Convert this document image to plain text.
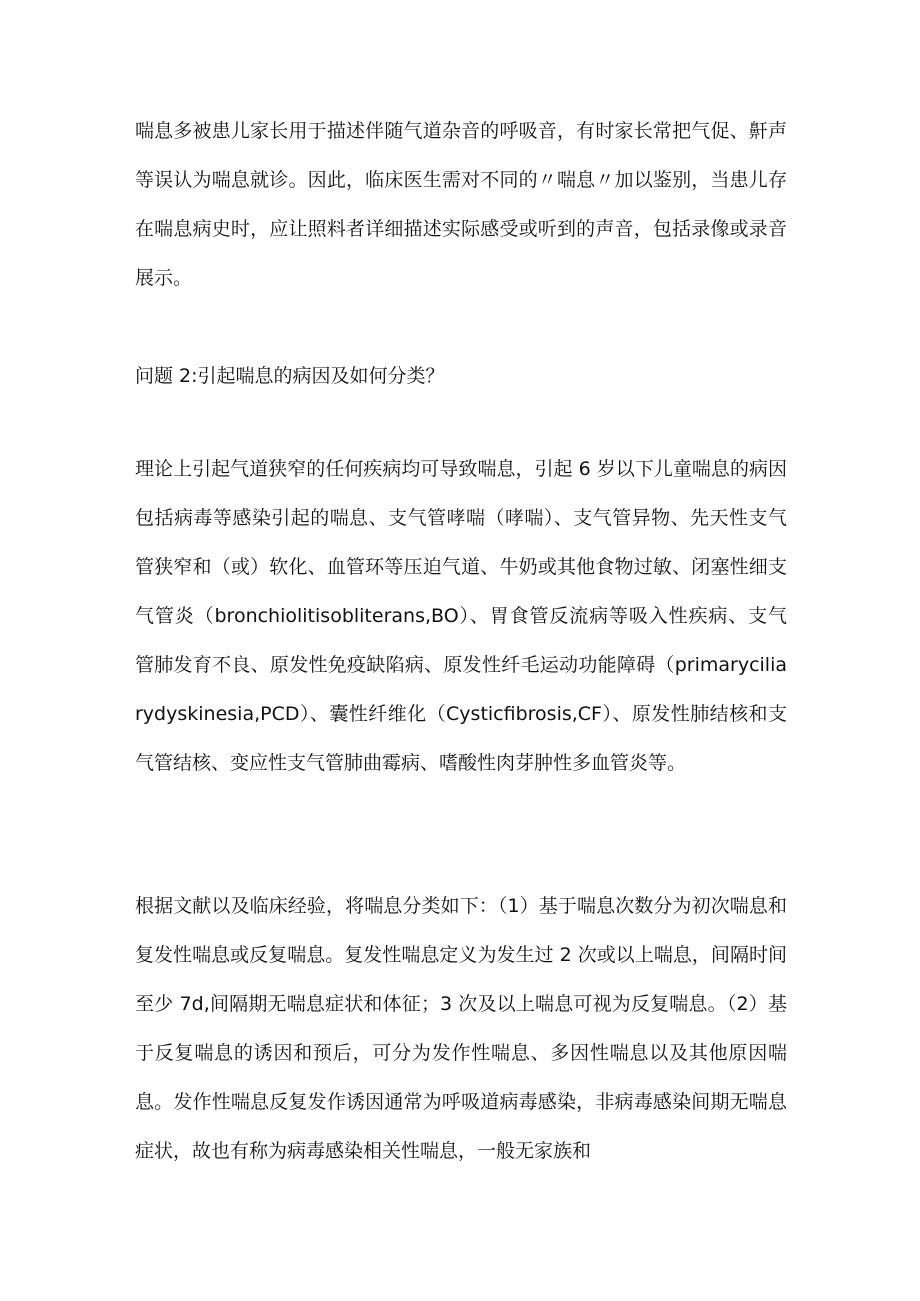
喘息多被患儿家长用于描述伴随气道杂音的呼吸音，有时家长常把气促、鼾声等误认为喘息就诊。因此，临床医生需对不同的〃喘息〃加以鉴别，当患儿存在喘息病史时，应让照料者详细描述实际感受或听到的声音，包括录像或录音展示。

问题 2:引起喘息的病因及如何分类？

理论上引起气道狭窄的任何疾病均可导致喘息，引起 6 岁以下儿童喘息的病因包括病毒等感染引起的喘息、支气管哮喘（哮喘）、支气管异物、先天性支气管狭窄和（或）软化、血管环等压迫气道、牛奶或其他食物过敏、闭塞性细支气管炎（bronchiolitisobliterans,BO）、胃食管反流病等吸入性疾病、支气管肺发育不良、原发性免疫缺陷病、原发性纤毛运动功能障碍（primaryciliarydyskinesia,PCD）、囊性纤维化（Cysticfibrosis,CF）、原发性肺结核和支气管结核、变应性支气管肺曲霉病、嗜酸性肉芽肿性多血管炎等。

根据文献以及临床经验，将喘息分类如下：（1）基于喘息次数分为初次喘息和复发性喘息或反复喘息。复发性喘息定义为发生过 2 次或以上喘息，间隔时间至少 7d,间隔期无喘息症状和体征；3 次及以上喘息可视为反复喘息。（2）基于反复喘息的诱因和预后，可分为发作性喘息、多因性喘息以及其他原因喘息。发作性喘息反复发作诱因通常为呼吸道病毒感染，非病毒感染间期无喘息症状，故也有称为病毒感染相关性喘息，一般无家族和
